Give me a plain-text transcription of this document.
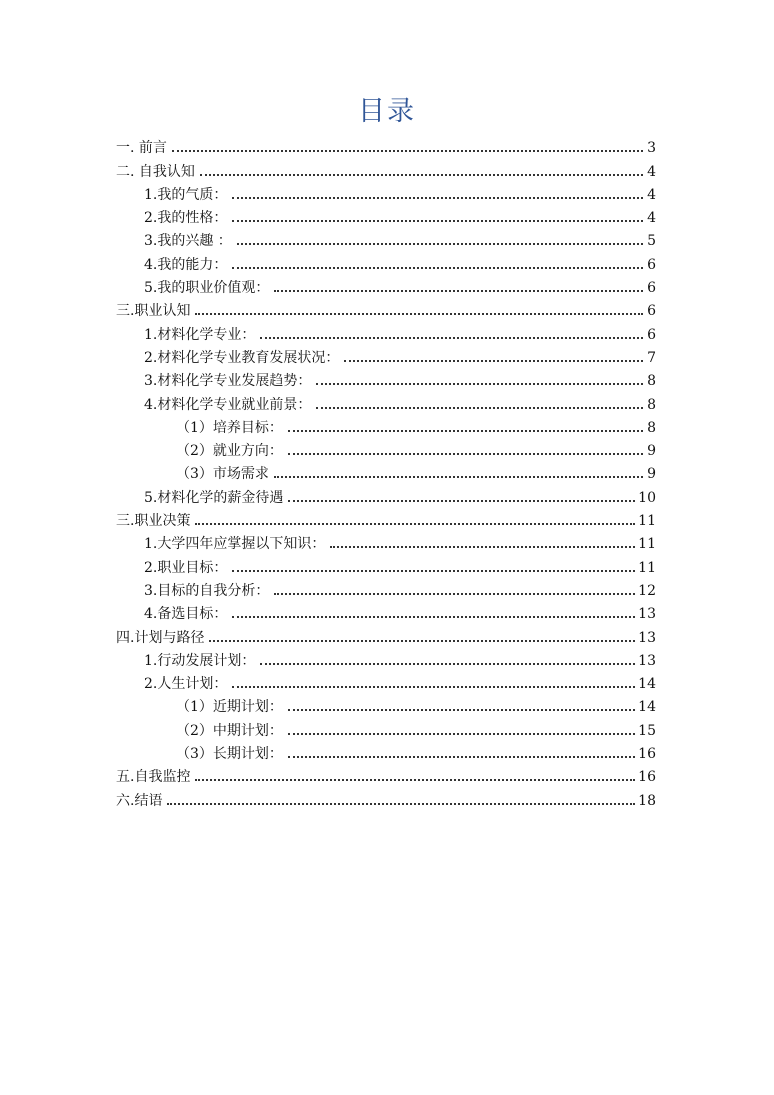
目录
一. 前言	3
二. 自我认知	4
1.我的气质：	4
2.我的性格：	4
3.我的兴趣 ：	5
4.我的能力：	6
5.我的职业价值观：	6
三.职业认知	6
1.材料化学专业：	6
2.材料化学专业教育发展状况：	7
3.材料化学专业发展趋势：	8
4.材料化学专业就业前景：	8
（1）培养目标：	8
（2）就业方向：	9
（3）市场需求	9
5.材料化学的薪金待遇	10
三.职业决策	11
1.大学四年应掌握以下知识：	11
2.职业目标：	11
3.目标的自我分析：	12
4.备选目标：	13
四.计划与路径	13
1.行动发展计划：	13
2.人生计划：	14
（1）近期计划：	14
（2）中期计划：	15
（3）长期计划：	16
五.自我监控	16
六.结语	18
